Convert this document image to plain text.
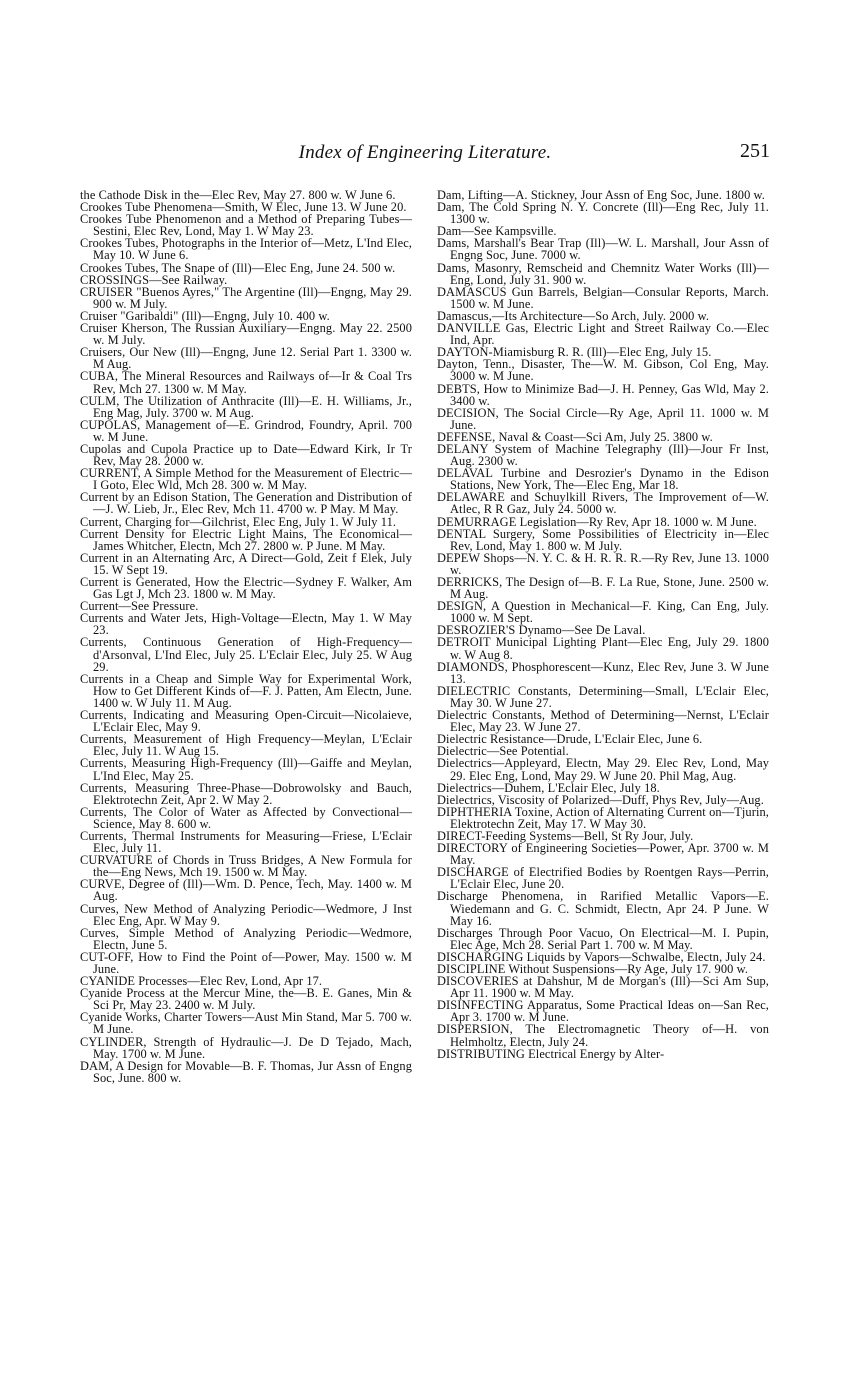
Index of Engineering Literature.	251

the Cathode Disk in the—Elec Rev, May 27. 800 w. W June 6.

Crookes Tube Phenomena—Smith, W Elec, June 13. W June 20.

Crookes Tube Phenomenon and a Method of Preparing Tubes—Sestini, Elec Rev, Lond, May 1. W May 23.

Crookes Tubes, Photographs in the Interior of—Metz, L'Ind Elec, May 10. W June 6.

Crookes Tubes, The Snape of (Ill)—Elec Eng, June 24. 500 w.

CROSSINGS—See Railway.

CRUISER "Buenos Ayres," The Argentine (Ill)—Engng, May 29. 900 w. M July.

Cruiser "Garibaldi" (Ill)—Engng, July 10. 400 w.

Cruiser Kherson, The Russian Auxiliary—Engng. May 22. 2500 w. M July.

Cruisers, Our New (Ill)—Engng, June 12. Serial Part 1. 3300 w. M Aug.

CUBA, The Mineral Resources and Railways of—Ir & Coal Trs Rev, Mch 27. 1300 w. M May.

CULM, The Utilization of Anthracite (Ill)—E. H. Williams, Jr., Eng Mag, July. 3700 w. M Aug.

CUPOLAS, Management of—E. Grindrod, Foundry, April. 700 w. M June.

Cupolas and Cupola Practice up to Date—Edward Kirk, Ir Tr Rev, May 28. 2000 w.

CURRENT, A Simple Method for the Measurement of Electric—I Goto, Elec Wld, Mch 28. 300 w. M May.

Current by an Edison Station, The Generation and Distribution of—J. W. Lieb, Jr., Elec Rev, Mch 11. 4700 w. P May. M May.

Current, Charging for—Gilchrist, Elec Eng, July 1. W July 11.

Current Density for Electric Light Mains, The Economical—James Whitcher, Electn, Mch 27. 2800 w. P June. M May.

Current in an Alternating Arc, A Direct—Gold, Zeit f Elek, July 15. W Sept 19.

Current is Generated, How the Electric—Sydney F. Walker, Am Gas Lgt J, Mch 23. 1800 w. M May.

Current—See Pressure.

Currents and Water Jets, High-Voltage—Electn, May 1. W May 23.

Currents, Continuous Generation of High-Frequency—d'Arsonval, L'Ind Elec, July 25. L'Eclair Elec, July 25. W Aug 29.

Currents in a Cheap and Simple Way for Experimental Work, How to Get Different Kinds of—F. J. Patten, Am Electn, June. 1400 w. W July 11. M Aug.

Currents, Indicating and Measuring Open-Circuit—Nicolaieve, L'Eclair Elec, May 9.

Currents, Measurement of High Frequency—Meylan, L'Eclair Elec, July 11. W Aug 15.

Currents, Measuring High-Frequency (Ill)—Gaiffe and Meylan, L'Ind Elec, May 25.

Currents, Measuring Three-Phase—Dobrowolsky and Bauch, Elektrotechn Zeit, Apr 2. W May 2.

Currents, The Color of Water as Affected by Convectional—Science, May 8. 600 w.

Currents, Thermal Instruments for Measuring—Friese, L'Eclair Elec, July 11.

CURVATURE of Chords in Truss Bridges, A New Formula for the—Eng News, Mch 19. 1500 w. M May.

CURVE, Degree of (Ill)—Wm. D. Pence, Tech, May. 1400 w. M Aug.

Curves, New Method of Analyzing Periodic—Wedmore, J Inst Elec Eng, Apr. W May 9.

Curves, Simple Method of Analyzing Periodic—Wedmore, Electn, June 5.

CUT-OFF, How to Find the Point of—Power, May. 1500 w. M June.

CYANIDE Processes—Elec Rev, Lond, Apr 17.

Cyanide Process at the Mercur Mine, the—B. E. Ganes, Min & Sci Pr, May 23. 2400 w. M July.

Cyanide Works, Charter Towers—Aust Min Stand, Mar 5. 700 w. M June.

CYLINDER, Strength of Hydraulic—J. De D Tejado, Mach, May. 1700 w. M June.

DAM, A Design for Movable—B. F. Thomas, Jur Assn of Engng Soc, June. 800 w.

Dam, Lifting—A. Stickney, Jour Assn of Eng Soc, June. 1800 w.

Dam, The Cold Spring N. Y. Concrete (Ill)—Eng Rec, July 11. 1300 w.

Dam—See Kampsville.

Dams, Marshall's Bear Trap (Ill)—W. L. Marshall, Jour Assn of Engng Soc, June. 7000 w.

Dams, Masonry, Remscheid and Chemnitz Water Works (Ill)—Eng, Lond, July 31. 900 w.

DAMASCUS Gun Barrels, Belgian—Consular Reports, March. 1500 w. M June.

Damascus,—Its Architecture—So Arch, July. 2000 w.

DANVILLE Gas, Electric Light and Street Railway Co.—Elec Ind, Apr.

DAYTON-Miamisburg R. R. (Ill)—Elec Eng, July 15.

Dayton, Tenn., Disaster, The—W. M. Gibson, Col Eng, May. 3000 w. M June.

DEBTS, How to Minimize Bad—J. H. Penney, Gas Wld, May 2. 3400 w.

DECISION, The Social Circle—Ry Age, April 11. 1000 w. M June.

DEFENSE, Naval & Coast—Sci Am, July 25. 3800 w.

DELANY System of Machine Telegraphy (Ill)—Jour Fr Inst, Aug. 2300 w.

DELAVAL Turbine and Desrozier's Dynamo in the Edison Stations, New York, The—Elec Eng, Mar 18.

DELAWARE and Schuylkill Rivers, The Improvement of—W. Atlec, R R Gaz, July 24. 5000 w.

DEMURRAGE Legislation—Ry Rev, Apr 18. 1000 w. M June.

DENTAL Surgery, Some Possibilities of Electricity in—Elec Rev, Lond, May 1. 800 w. M July.

DEPEW Shops—N. Y. C. & H. R. R. R.—Ry Rev, June 13. 1000 w.

DERRICKS, The Design of—B. F. La Rue, Stone, June. 2500 w. M Aug.

DESIGN, A Question in Mechanical—F. King, Can Eng, July. 1000 w. M Sept.

DESROZIER'S Dynamo—See De Laval.

DETROIT Municipal Lighting Plant—Elec Eng, July 29. 1800 w. W Aug 8.

DIAMONDS, Phosphorescent—Kunz, Elec Rev, June 3. W June 13.

DIELECTRIC Constants, Determining—Small, L'Eclair Elec, May 30. W June 27.

Dielectric Constants, Method of Determining—Nernst, L'Eclair Elec, May 23. W June 27.

Dielectric Resistance—Drude, L'Eclair Elec, June 6.

Dielectric—See Potential.

Dielectrics—Appleyard, Electn, May 29. Elec Rev, Lond, May 29. Elec Eng, Lond, May 29. W June 20. Phil Mag, Aug.

Dielectrics—Duhem, L'Eclair Elec, July 18.

Dielectrics, Viscosity of Polarized—Duff, Phys Rev, July—Aug.

DIPHTHERIA Toxine, Action of Alternating Current on—Tjurin, Elektrotechn Zeit, May 17. W May 30.

DIRECT-Feeding Systems—Bell, St Ry Jour, July.

DIRECTORY of Engineering Societies—Power, Apr. 3700 w. M May.

DISCHARGE of Electrified Bodies by Roentgen Rays—Perrin, L'Eclair Elec, June 20.

Discharge Phenomena, in Rarified Metallic Vapors—E. Wiedemann and G. C. Schmidt, Electn, Apr 24. P June. W May 16.

Discharges Through Poor Vacuo, On Electrical—M. I. Pupin, Elec Age, Mch 28. Serial Part 1. 700 w. M May.

DISCHARGING Liquids by Vapors—Schwalbe, Electn, July 24.

DISCIPLINE Without Suspensions—Ry Age, July 17. 900 w.

DISCOVERIES at Dahshur, M de Morgan's (Ill)—Sci Am Sup, Apr 11. 1900 w. M May.

DISINFECTING Apparatus, Some Practical Ideas on—San Rec, Apr 3. 1700 w. M June.

DISPERSION, The Electromagnetic Theory of—H. von Helmholtz, Electn, July 24.

DISTRIBUTING Electrical Energy by Alter-
